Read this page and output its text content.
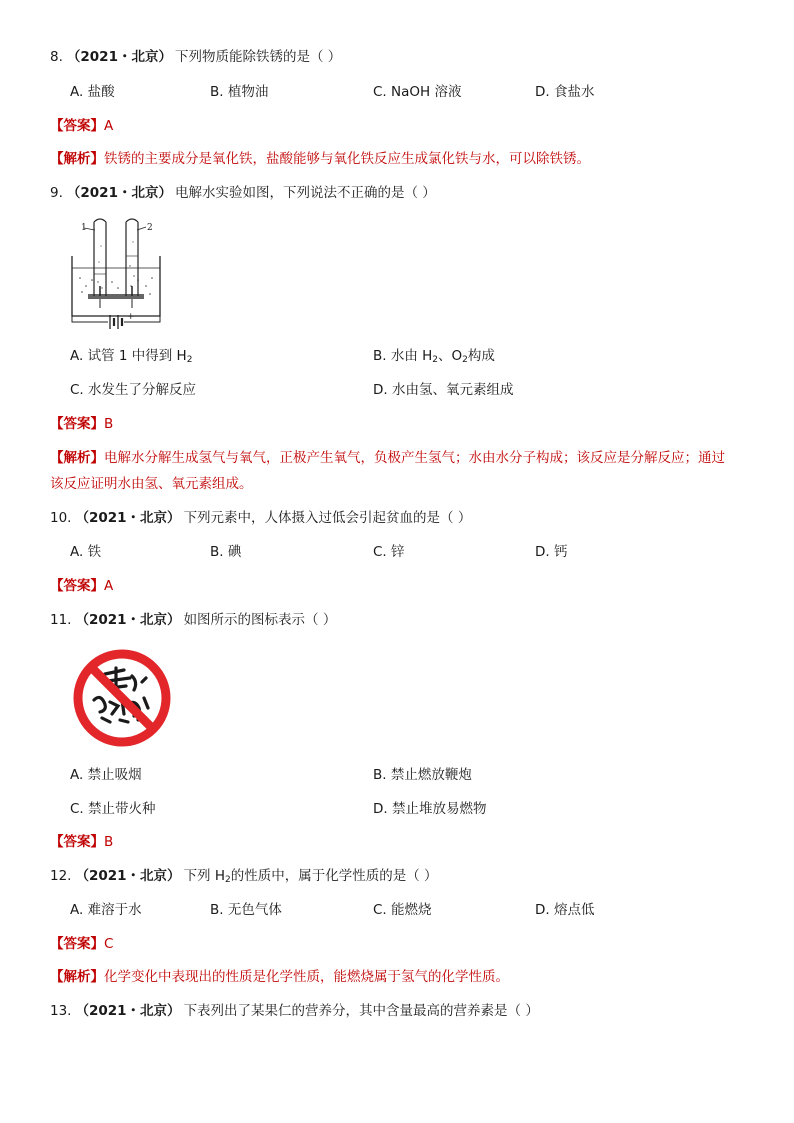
8. （2021・北京） 下列物质能除铁锈的是（ ）
A. 盐酸	B. 植物油	C. NaOH 溶液	D. 食盐水
【答案】A
【解析】铁锈的主要成分是氧化铁，盐酸能够与氧化铁反应生成氯化铁与水，可以除铁锈。
9. （2021・北京） 电解水实验如图，下列说法不正确的是（ ）
1	2
− +
A. 试管 1 中得到 $H_2$	B. 水由 $H_2$、$O_2$构成
C. 水发生了分解反应	D. 水由氢、氧元素组成
【答案】B
【解析】电解水分解生成氢气与氧气，正极产生氧气，负极产生氢气；水由水分子构成；该反应是分解反应；通过该反应证明水由氢、氧元素组成。
10. （2021・北京） 下列元素中，人体摄入过低会引起贫血的是（ ）
A. 铁	B. 碘	C. 锌	D. 钙
【答案】A
11. （2021・北京） 如图所示的图标表示（ ）
A. 禁止吸烟	B. 禁止燃放鞭炮
C. 禁止带火种	D. 禁止堆放易燃物
【答案】B
12. （2021・北京） 下列 $H_2$的性质中，属于化学性质的是（ ）
A. 难溶于水	B. 无色气体	C. 能燃烧	D. 熔点低
【答案】C
【解析】化学变化中表现出的性质是化学性质，能燃烧属于氢气的化学性质。
13. （2021・北京） 下表列出了某果仁的营养分，其中含量最高的营养素是（ ）
